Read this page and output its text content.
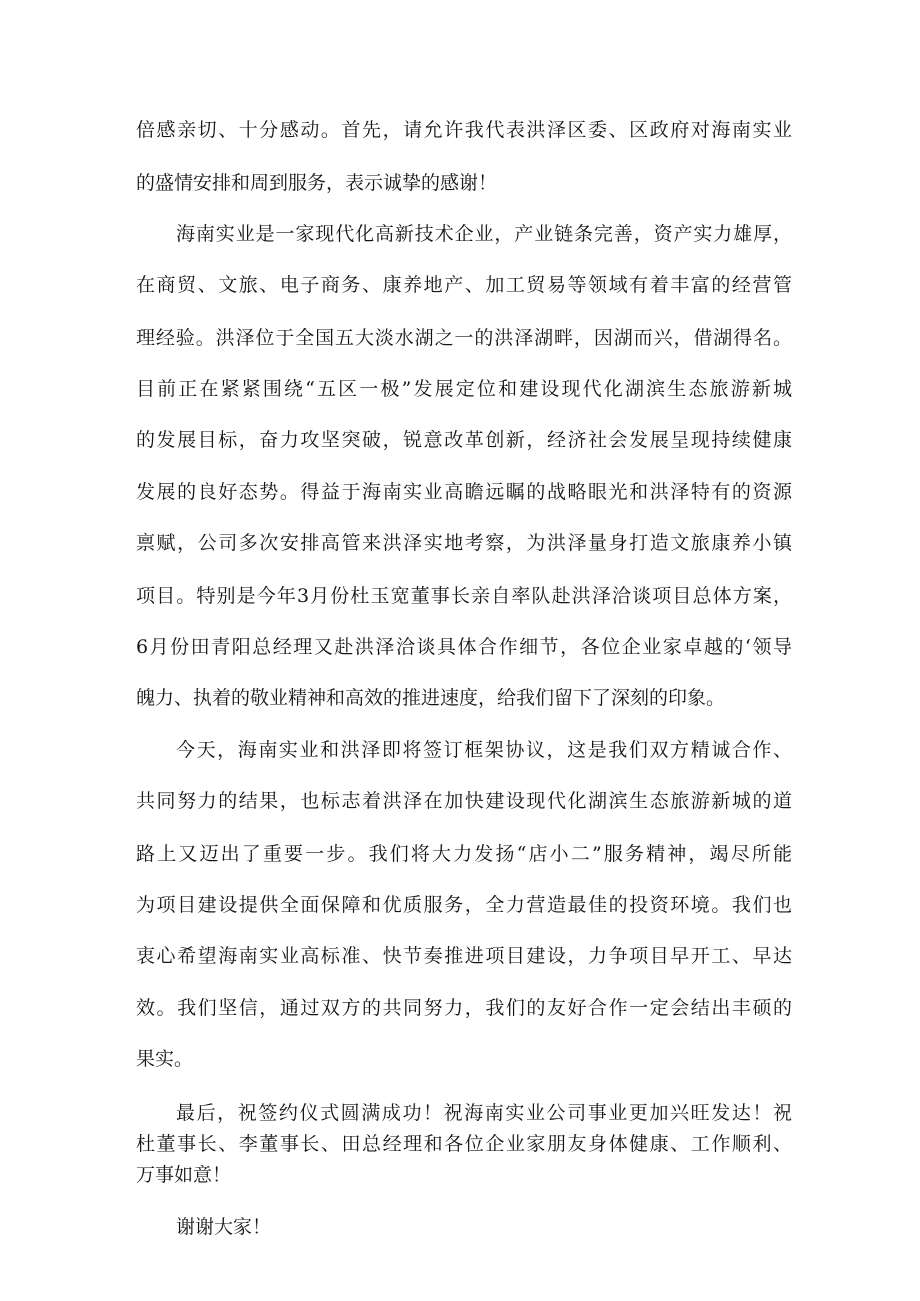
倍感亲切、十分感动。首先，请允许我代表洪泽区委、区政府对海南实业
的盛情安排和周到服务，表示诚挚的感谢！
海南实业是一家现代化高新技术企业，产业链条完善，资产实力雄厚，
在商贸、文旅、电子商务、康养地产、加工贸易等领域有着丰富的经营管
理经验。洪泽位于全国五大淡水湖之一的洪泽湖畔，因湖而兴，借湖得名。
目前正在紧紧围绕“五区一极”发展定位和建设现代化湖滨生态旅游新城
的发展目标，奋力攻坚突破，锐意改革创新，经济社会发展呈现持续健康
发展的良好态势。得益于海南实业高瞻远瞩的战略眼光和洪泽特有的资源
禀赋，公司多次安排高管来洪泽实地考察，为洪泽量身打造文旅康养小镇
项目。特别是今年3月份杜玉宽董事长亲自率队赴洪泽洽谈项目总体方案，
6月份田青阳总经理又赴洪泽洽谈具体合作细节，各位企业家卓越的‘领导
魄力、执着的敬业精神和高效的推进速度，给我们留下了深刻的印象。
今天，海南实业和洪泽即将签订框架协议，这是我们双方精诚合作、
共同努力的结果，也标志着洪泽在加快建设现代化湖滨生态旅游新城的道
路上又迈出了重要一步。我们将大力发扬“店小二”服务精神，竭尽所能
为项目建设提供全面保障和优质服务，全力营造最佳的投资环境。我们也
衷心希望海南实业高标准、快节奏推进项目建设，力争项目早开工、早达
效。我们坚信，通过双方的共同努力，我们的友好合作一定会结出丰硕的
果实。
最后，祝签约仪式圆满成功！祝海南实业公司事业更加兴旺发达！祝
杜董事长、李董事长、田总经理和各位企业家朋友身体健康、工作顺利、
万事如意！
谢谢大家！
